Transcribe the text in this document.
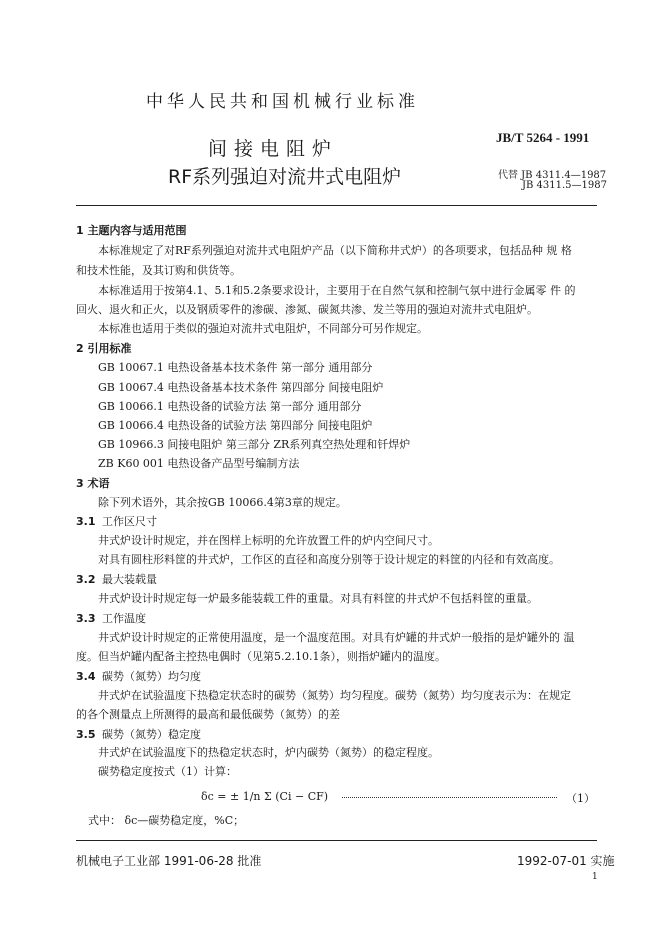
中华人民共和国机械行业标准
间接电阻炉
RF系列强迫对流井式电阻炉
JB/T 5264 - 1991
代替 JB 4311.4—1987
JB 4311.5—1987
1 主题内容与适用范围
本标准规定了对RF系列强迫对流井式电阻炉产品（以下简称井式炉）的各项要求，包括品种 规 格
和技术性能，及其订购和供货等。
本标准适用于按第4.1、5.1和5.2条要求设计，主要用于在自然气氛和控制气氛中进行金属零 件 的
回火、退火和正火，以及钢质零件的渗碳、渗氮、碳氮共渗、发兰等用的强迫对流井式电阻炉。
本标准也适用于类似的强迫对流井式电阻炉，不同部分可另作规定。
2 引用标准
GB 10067.1 电热设备基本技术条件 第一部分 通用部分
GB 10067.4 电热设备基本技术条件 第四部分 间接电阻炉
GB 10066.1 电热设备的试验方法 第一部分 通用部分
GB 10066.4 电热设备的试验方法 第四部分 间接电阻炉
GB 10966.3 间接电阻炉 第三部分 ZR系列真空热处理和钎焊炉
ZB K60 001 电热设备产品型号编制方法
3 术语
除下列术语外，其余按GB 10066.4第3章的规定。
3.1 工作区尺寸
井式炉设计时规定，并在图样上标明的允许放置工件的炉内空间尺寸。
对具有圆柱形料筐的井式炉，工作区的直径和高度分别等于设计规定的料筐的内径和有效高度。
3.2 最大装载量
井式炉设计时规定每一炉最多能装载工件的重量。对具有料筐的井式炉不包括料筐的重量。
3.3 工作温度
井式炉设计时规定的正常使用温度，是一个温度范围。对具有炉罐的井式炉一般指的是炉罐外的 温
度。但当炉罐内配备主控热电偶时（见第5.2.10.1条），则指炉罐内的温度。
3.4 碳势（氮势）均匀度
井式炉在试验温度下热稳定状态时的碳势（氮势）均匀程度。碳势（氮势）均匀度表示为：在规定
的各个测量点上所测得的最高和最低碳势（氮势）的差
3.5 碳势（氮势）稳定度
井式炉在试验温度下的热稳定状态时，炉内碳势（氮势）的稳定程度。
碳势稳定度按式（1）计算：
δc = ± 1/n Σ (Ci − CF)	（1）
式中： δc—碳势稳定度，%C；
机械电子工业部 1991-06-28 批准	1992-07-01 实施
1
